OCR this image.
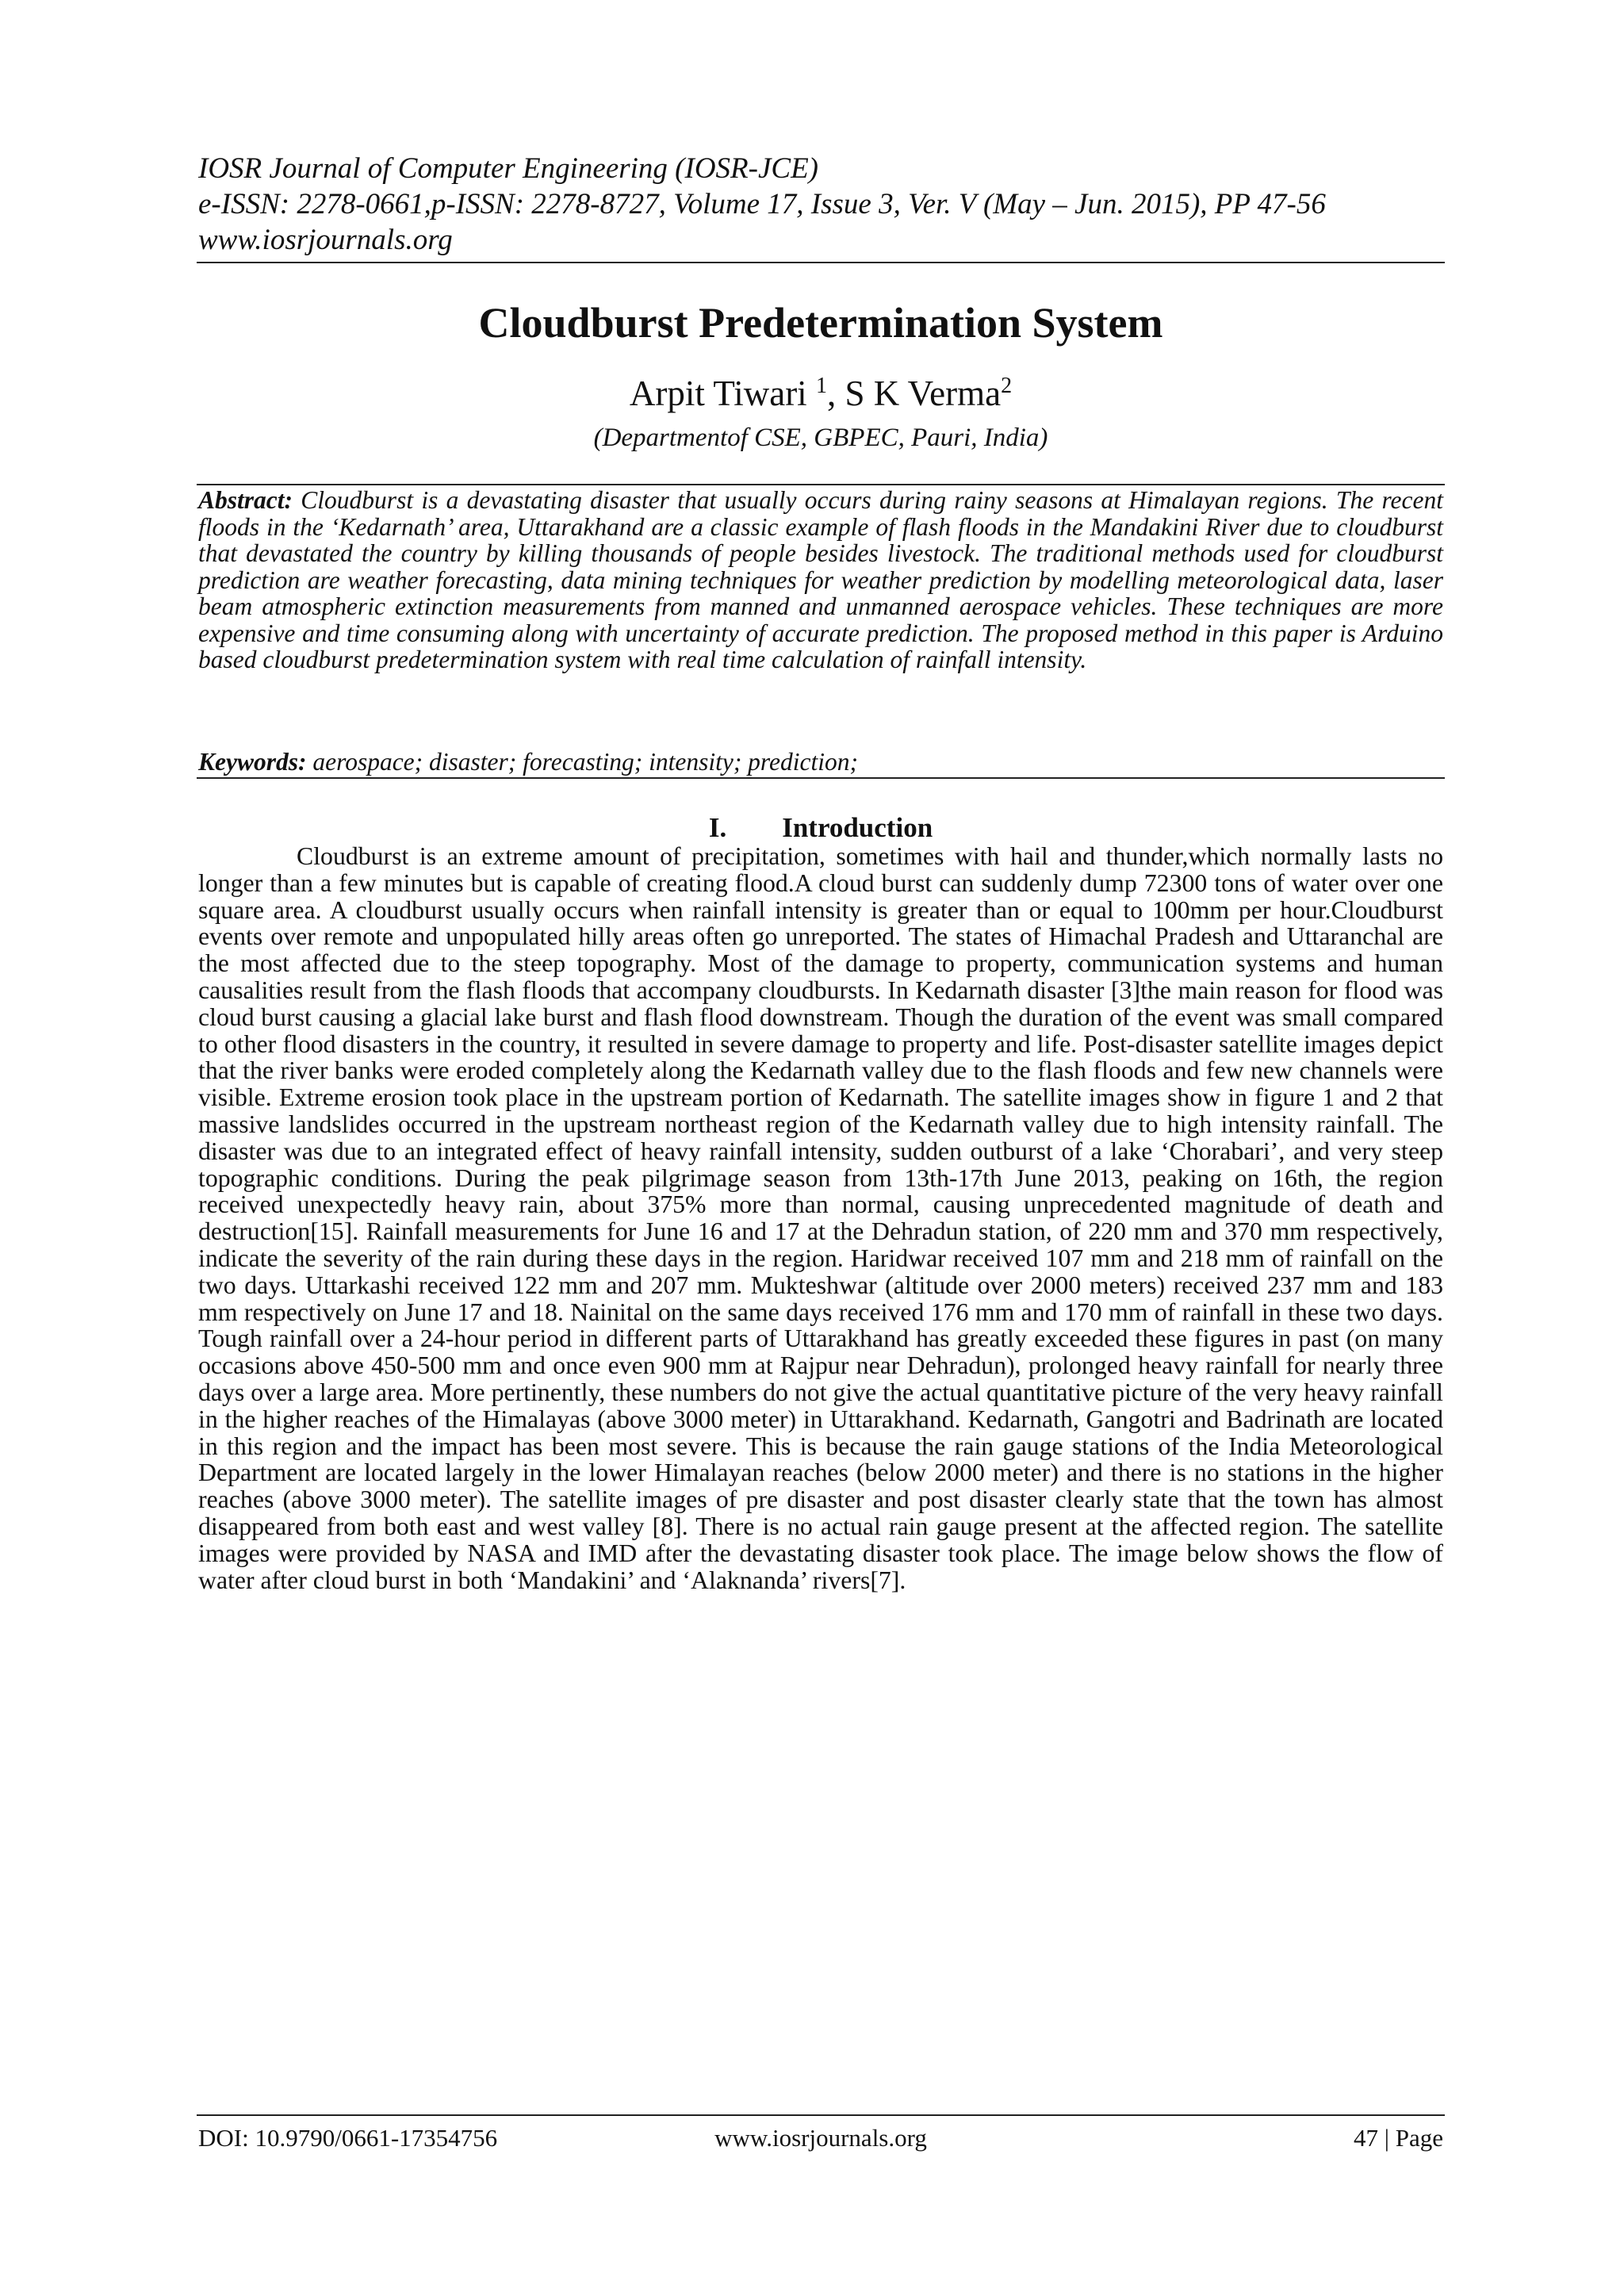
IOSR Journal of Computer Engineering (IOSR-JCE)
e-ISSN: 2278-0661,p-ISSN: 2278-8727, Volume 17, Issue 3, Ver. V (May – Jun. 2015), PP 47-56
www.iosrjournals.org
Cloudburst Predetermination System
Arpit Tiwari $^1$, S K Verma$^2$
(Departmentof CSE, GBPEC, Pauri, India)
Abstract: Cloudburst is a devastating disaster that usually occurs during rainy seasons at Himalayan regions. The recent floods in the ‘Kedarnath’ area, Uttarakhand are a classic example of flash floods in the Mandakini River due to cloudburst that devastated the country by killing thousands of people besides livestock. The traditional methods used for cloudburst prediction are weather forecasting, data mining techniques for weather prediction by modelling meteorological data, laser beam atmospheric extinction measurements from manned and unmanned aerospace vehicles. These techniques are more expensive and time consuming along with uncertainty of accurate prediction. The proposed method in this paper is Arduino based cloudburst predetermination system with real time calculation of rainfall intensity.
Keywords: aerospace; disaster; forecasting; intensity; prediction;
I. Introduction
Cloudburst is an extreme amount of precipitation, sometimes with hail and thunder,which normally lasts no longer than a few minutes but is capable of creating flood.A cloud burst can suddenly dump 72300 tons of water over one square area. A cloudburst usually occurs when rainfall intensity is greater than or equal to 100mm per hour.Cloudburst events over remote and unpopulated hilly areas often go unreported. The states of Himachal Pradesh and Uttaranchal are the most affected due to the steep topography. Most of the damage to property, communication systems and human causalities result from the flash floods that accompany cloudbursts. In Kedarnath disaster [3]the main reason for flood was cloud burst causing a glacial lake burst and flash flood downstream. Though the duration of the event was small compared to other flood disasters in the country, it resulted in severe damage to property and life. Post-disaster satellite images depict that the river banks were eroded completely along the Kedarnath valley due to the flash floods and few new channels were visible. Extreme erosion took place in the upstream portion of Kedarnath. The satellite images show in figure 1 and 2 that massive landslides occurred in the upstream northeast region of the Kedarnath valley due to high intensity rainfall. The disaster was due to an integrated effect of heavy rainfall intensity, sudden outburst of a lake ‘Chorabari’, and very steep topographic conditions. During the peak pilgrimage season from 13th-17th June 2013, peaking on 16th, the region received unexpectedly heavy rain, about 375% more than normal, causing unprecedented magnitude of death and destruction[15]. Rainfall measurements for June 16 and 17 at the Dehradun station, of 220 mm and 370 mm respectively, indicate the severity of the rain during these days in the region. Haridwar received 107 mm and 218 mm of rainfall on the two days. Uttarkashi received 122 mm and 207 mm. Mukteshwar (altitude over 2000 meters) received 237 mm and 183 mm respectively on June 17 and 18. Nainital on the same days received 176 mm and 170 mm of rainfall in these two days. Tough rainfall over a 24-hour period in different parts of Uttarakhand has greatly exceeded these figures in past (on many occasions above 450-500 mm and once even 900 mm at Rajpur near Dehradun), prolonged heavy rainfall for nearly three days over a large area. More pertinently, these numbers do not give the actual quantitative picture of the very heavy rainfall in the higher reaches of the Himalayas (above 3000 meter) in Uttarakhand. Kedarnath, Gangotri and Badrinath are located in this region and the impact has been most severe. This is because the rain gauge stations of the India Meteorological Department are located largely in the lower Himalayan reaches (below 2000 meter) and there is no stations in the higher reaches (above 3000 meter). The satellite images of pre disaster and post disaster clearly state that the town has almost disappeared from both east and west valley [8]. There is no actual rain gauge present at the affected region. The satellite images were provided by NASA and IMD after the devastating disaster took place. The image below shows the flow of water after cloud burst in both ‘Mandakini’ and ‘Alaknanda’ rivers[7].
DOI: 10.9790/0661-17354756	www.iosrjournals.org	47 | Page
